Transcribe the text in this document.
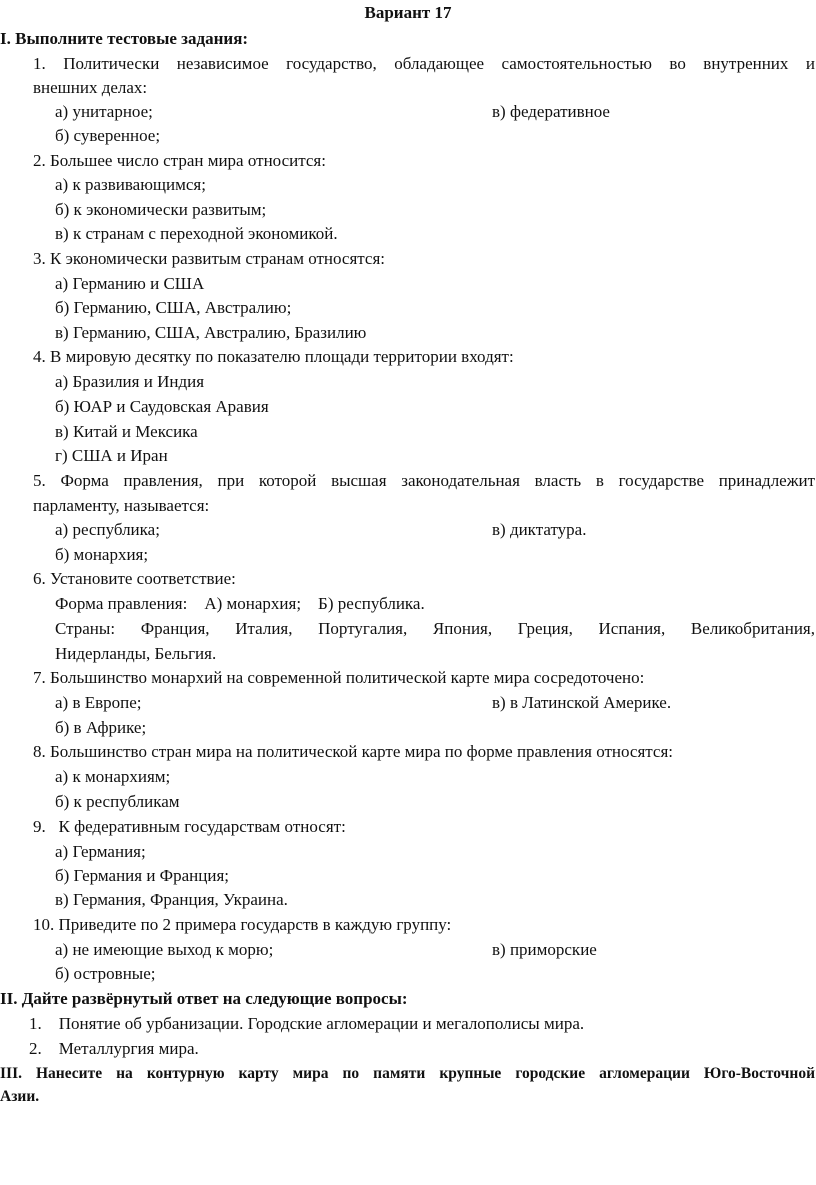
Вариант 17
I. Выполните тестовые задания:
1. Политически независимое государство, обладающее самостоятельностью во внутренних и
внешних делах:
а) унитарное;	в) федеративное
б) суверенное;
2. Большее число стран мира относится:
а) к развивающимся;
б) к экономически развитым;
в) к странам с переходной экономикой.
3. К экономически развитым странам относятся:
а) Германию и США
б) Германию, США, Австралию;
в) Германию, США, Австралию, Бразилию
4. В мировую десятку по показателю площади территории входят:
а) Бразилия и Индия
б) ЮАР и Саудовская Аравия
в) Китай и Мексика
г) США и Иран
5. Форма правления, при которой высшая законодательная власть в государстве принадлежит
парламенту, называется:
а) республика;	в) диктатура.
б) монархия;
6. Установите соответствие:
Форма правления:    А) монархия;    Б) республика.
Страны: Франция, Италия, Португалия, Япония, Греция, Испания, Великобритания,
Нидерланды, Бельгия.
7. Большинство монархий на современной политической карте мира сосредоточено:
а) в Европе;	в) в Латинской Америке.
б) в Африке;
8. Большинство стран мира на политической карте мира по форме правления относятся:
а) к монархиям;
б) к республикам
9.   К федеративным государствам относят:
а) Германия;
б) Германия и Франция;
в) Германия, Франция, Украина.
10. Приведите по 2 примера государств в каждую группу:
а) не имеющие выход к морю;	в) приморские
б) островные;
II. Дайте развёрнутый ответ на следующие вопросы:
1.    Понятие об урбанизации. Городские агломерации и мегалополисы мира.
2.    Металлургия мира.
III. Нанесите на контурную карту мира по памяти крупные городские агломерации Юго-Восточной
Азии.
